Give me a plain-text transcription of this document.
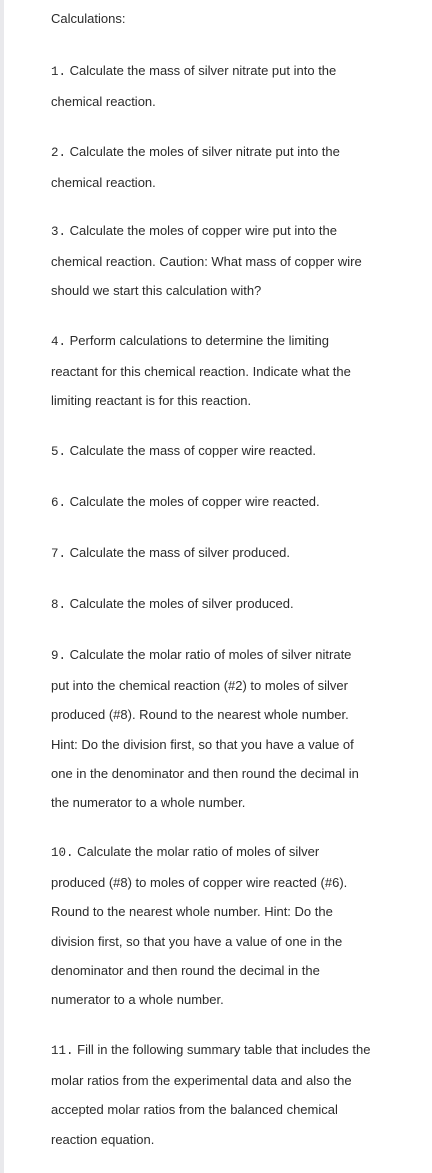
Calculations:
1. Calculate the mass of silver nitrate put into the
chemical reaction.
2. Calculate the moles of silver nitrate put into the
chemical reaction.
3. Calculate the moles of copper wire put into the
chemical reaction. Caution: What mass of copper wire
should we start this calculation with?
4. Perform calculations to determine the limiting
reactant for this chemical reaction. Indicate what the
limiting reactant is for this reaction.
5. Calculate the mass of copper wire reacted.
6. Calculate the moles of copper wire reacted.
7. Calculate the mass of silver produced.
8. Calculate the moles of silver produced.
9. Calculate the molar ratio of moles of silver nitrate
put into the chemical reaction (#2) to moles of silver
produced (#8). Round to the nearest whole number.
Hint: Do the division first, so that you have a value of
one in the denominator and then round the decimal in
the numerator to a whole number.
10. Calculate the molar ratio of moles of silver
produced (#8) to moles of copper wire reacted (#6).
Round to the nearest whole number. Hint: Do the
division first, so that you have a value of one in the
denominator and then round the decimal in the
numerator to a whole number.
11. Fill in the following summary table that includes the
molar ratios from the experimental data and also the
accepted molar ratios from the balanced chemical
reaction equation.
